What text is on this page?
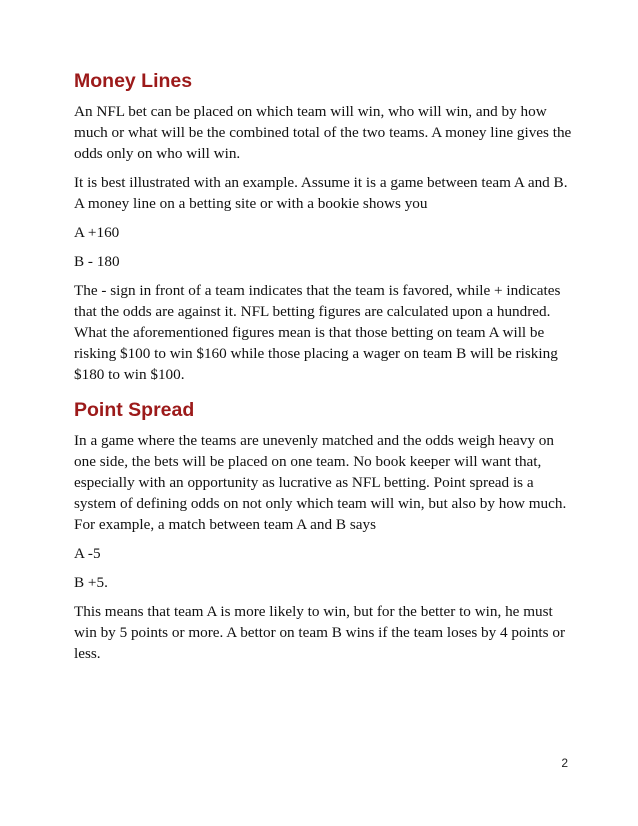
Money Lines

An NFL bet can be placed on which team will win, who will win, and by how much or what will be the combined total of the two teams. A money line gives the odds only on who will win.

It is best illustrated with an example. Assume it is a game between team A and B. A money line on a betting site or with a bookie shows you

A +160

B - 180

The - sign in front of a team indicates that the team is favored, while + indicates that the odds are against it. NFL betting figures are calculated upon a hundred. What the aforementioned figures mean is that those betting on team A will be risking $100 to win $160 while those placing a wager on team B will be risking $180 to win $100.

Point Spread

In a game where the teams are unevenly matched and the odds weigh heavy on one side, the bets will be placed on one team. No book keeper will want that, especially with an opportunity as lucrative as NFL betting. Point spread is a system of defining odds on not only which team will win, but also by how much. For example, a match between team A and B says

A -5

B +5.

This means that team A is more likely to win, but for the better to win, he must win by 5 points or more. A bettor on team B wins if the team loses by 4 points or less.

2
